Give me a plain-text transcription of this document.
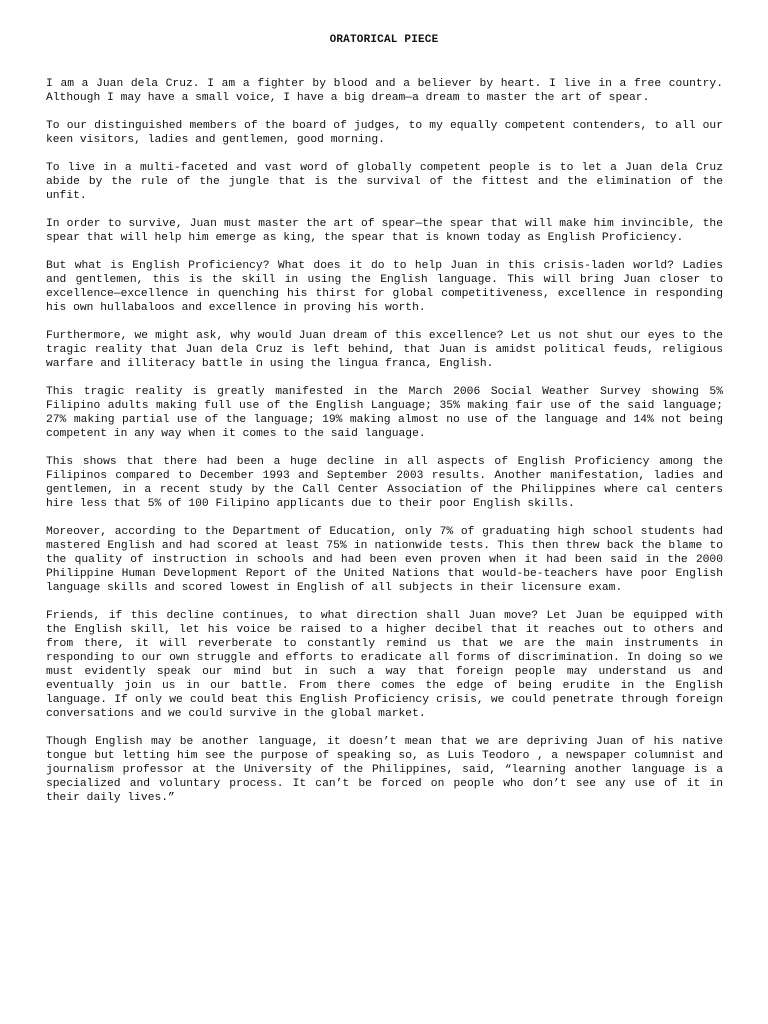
ORATORICAL PIECE

I am a Juan dela Cruz. I am a fighter by blood and a believer by heart. I live in a free country. Although I may have a small voice, I have a big dream—a dream to master the art of spear.

To our distinguished members of the board of judges, to my equally competent contenders, to all our keen visitors, ladies and gentlemen, good morning.

To live in a multi-faceted and vast word of globally competent people is to let a Juan dela Cruz abide by the rule of the jungle that is the survival of the fittest and the elimination of the unfit.

In order to survive, Juan must master the art of spear—the spear that will make him invincible, the spear that will help him emerge as king, the spear that is known today as English Proficiency.

But what is English Proficiency? What does it do to help Juan in this crisis-laden world? Ladies and gentlemen, this is the skill in using the English language. This will bring Juan closer to excellence—excellence in quenching his thirst for global competitiveness, excellence in responding his own hullabaloos and excellence in proving his worth.

Furthermore, we might ask, why would Juan dream of this excellence? Let us not shut our eyes to the tragic reality that Juan dela Cruz is left behind, that Juan is amidst political feuds, religious warfare and illiteracy battle in using the lingua franca, English.

This tragic reality is greatly manifested in the March 2006 Social Weather Survey showing 5% Filipino adults making full use of the English Language; 35% making fair use of the said language; 27% making partial use of the language; 19% making almost no use of the language and 14% not being competent in any way when it comes to the said language.

This shows that there had been a huge decline in all aspects of English Proficiency among the Filipinos compared to December 1993 and September 2003 results. Another manifestation, ladies and gentlemen, in a recent study by the Call Center Association of the Philippines where cal centers hire less that 5% of 100 Filipino applicants due to their poor English skills.

Moreover, according to the Department of Education, only 7% of graduating high school students had mastered English and had scored at least 75% in nationwide tests. This then threw back the blame to the quality of instruction in schools and had been even proven when it had been said in the 2000 Philippine Human Development Report of the United Nations that would-be-teachers have poor English language skills and scored lowest in English of all subjects in their licensure exam.

Friends, if this decline continues, to what direction shall Juan move? Let Juan be equipped with the English skill, let his voice be raised to a higher decibel that it reaches out to others and from there, it will reverberate to constantly remind us that we are the main instruments in responding to our own struggle and efforts to eradicate all forms of discrimination. In doing so we must evidently speak our mind but in such a way that foreign people may understand us and eventually join us in our battle. From there comes the edge of being erudite in the English language. If only we could beat this English Proficiency crisis, we could penetrate through foreign conversations and we could survive in the global market.

Though English may be another language, it doesn’t mean that we are depriving Juan of his native tongue but letting him see the purpose of speaking so, as Luis Teodoro , a newspaper columnist and journalism professor at the University of the Philippines, said, “learning another language is a specialized and voluntary process. It can’t be forced on people who don’t see any use of it in their daily lives.”
